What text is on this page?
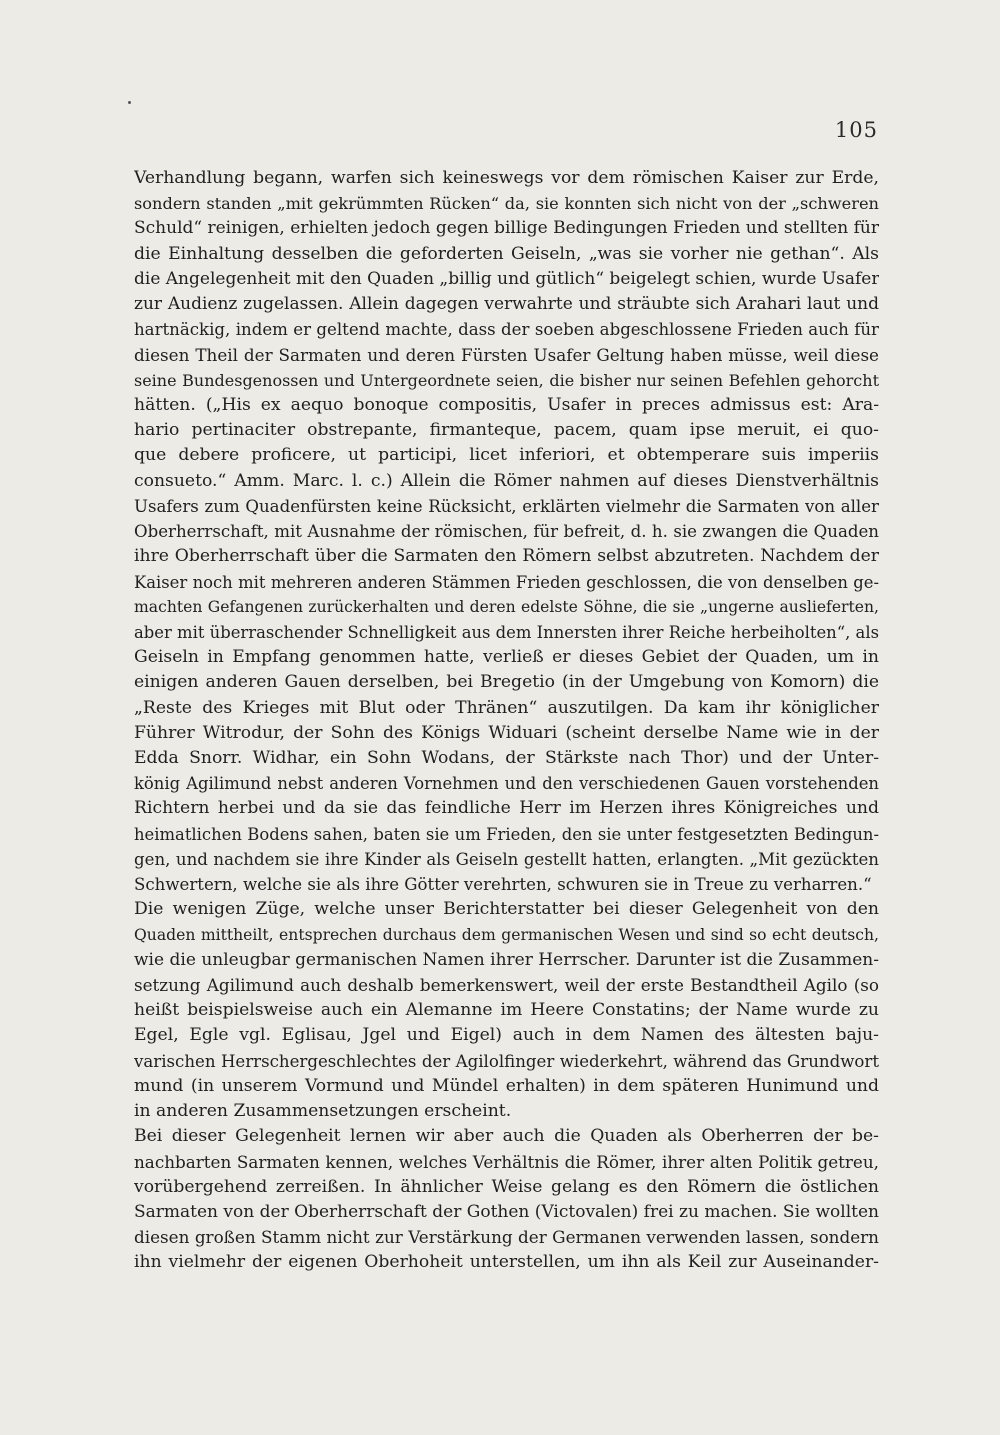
105
Verhandlung begann, warfen sich keineswegs vor dem römischen Kaiser zur Erde,
sondern standen „mit gekrümmten Rücken“ da, sie konnten sich nicht von der „schweren
Schuld“ reinigen, erhielten jedoch gegen billige Bedingungen Frieden und stellten für
die Einhaltung desselben die geforderten Geiseln, „was sie vorher nie gethan“. Als
die Angelegenheit mit den Quaden „billig und gütlich“ beigelegt schien, wurde Usafer
zur Audienz zugelassen. Allein dagegen verwahrte und sträubte sich Arahari laut und
hartnäckig, indem er geltend machte, dass der soeben abgeschlossene Frieden auch für
diesen Theil der Sarmaten und deren Fürsten Usafer Geltung haben müsse, weil diese
seine Bundesgenossen und Untergeordnete seien, die bisher nur seinen Befehlen gehorcht
hätten. („His ex aequo bonoque compositis, Usafer in preces admissus est: Ara-
hario pertinaciter obstrepante, firmanteque, pacem, quam ipse meruit, ei quo-
que debere proficere, ut participi, licet inferiori, et obtemperare suis imperiis
consueto.“ Amm. Marc. l. c.) Allein die Römer nahmen auf dieses Dienstverhältnis
Usafers zum Quadenfürsten keine Rücksicht, erklärten vielmehr die Sarmaten von aller
Oberherrschaft, mit Ausnahme der römischen, für befreit, d. h. sie zwangen die Quaden
ihre Oberherrschaft über die Sarmaten den Römern selbst abzutreten. Nachdem der
Kaiser noch mit mehreren anderen Stämmen Frieden geschlossen, die von denselben ge-
machten Gefangenen zurückerhalten und deren edelste Söhne, die sie „ungerne auslieferten,
aber mit überraschender Schnelligkeit aus dem Innersten ihrer Reiche herbeiholten“, als
Geiseln in Empfang genommen hatte, verließ er dieses Gebiet der Quaden, um in
einigen anderen Gauen derselben, bei Bregetio (in der Umgebung von Komorn) die
„Reste des Krieges mit Blut oder Thränen“ auszutilgen. Da kam ihr königlicher
Führer Witrodur, der Sohn des Königs Widuari (scheint derselbe Name wie in der
Edda Snorr. Widhar, ein Sohn Wodans, der Stärkste nach Thor) und der Unter-
könig Agilimund nebst anderen Vornehmen und den verschiedenen Gauen vorstehenden
Richtern herbei und da sie das feindliche Herr im Herzen ihres Königreiches und
heimatlichen Bodens sahen, baten sie um Frieden, den sie unter festgesetzten Bedingun-
gen, und nachdem sie ihre Kinder als Geiseln gestellt hatten, erlangten. „Mit gezückten
Schwertern, welche sie als ihre Götter verehrten, schwuren sie in Treue zu verharren.“
Die wenigen Züge, welche unser Berichterstatter bei dieser Gelegenheit von den
Quaden mittheilt, entsprechen durchaus dem germanischen Wesen und sind so echt deutsch,
wie die unleugbar germanischen Namen ihrer Herrscher. Darunter ist die Zusammen-
setzung Agilimund auch deshalb bemerkenswert, weil der erste Bestandtheil Agilo (so
heißt beispielsweise auch ein Alemanne im Heere Constatins; der Name wurde zu
Egel, Egle vgl. Eglisau, Jgel und Eigel) auch in dem Namen des ältesten baju-
varischen Herrschergeschlechtes der Agilolfinger wiederkehrt, während das Grundwort
mund (in unserem Vormund und Mündel erhalten) in dem späteren Hunimund und
in anderen Zusammensetzungen erscheint.
Bei dieser Gelegenheit lernen wir aber auch die Quaden als Oberherren der be-
nachbarten Sarmaten kennen, welches Verhältnis die Römer, ihrer alten Politik getreu,
vorübergehend zerreißen. In ähnlicher Weise gelang es den Römern die östlichen
Sarmaten von der Oberherrschaft der Gothen (Victovalen) frei zu machen. Sie wollten
diesen großen Stamm nicht zur Verstärkung der Germanen verwenden lassen, sondern
ihn vielmehr der eigenen Oberhoheit unterstellen, um ihn als Keil zur Auseinander-
